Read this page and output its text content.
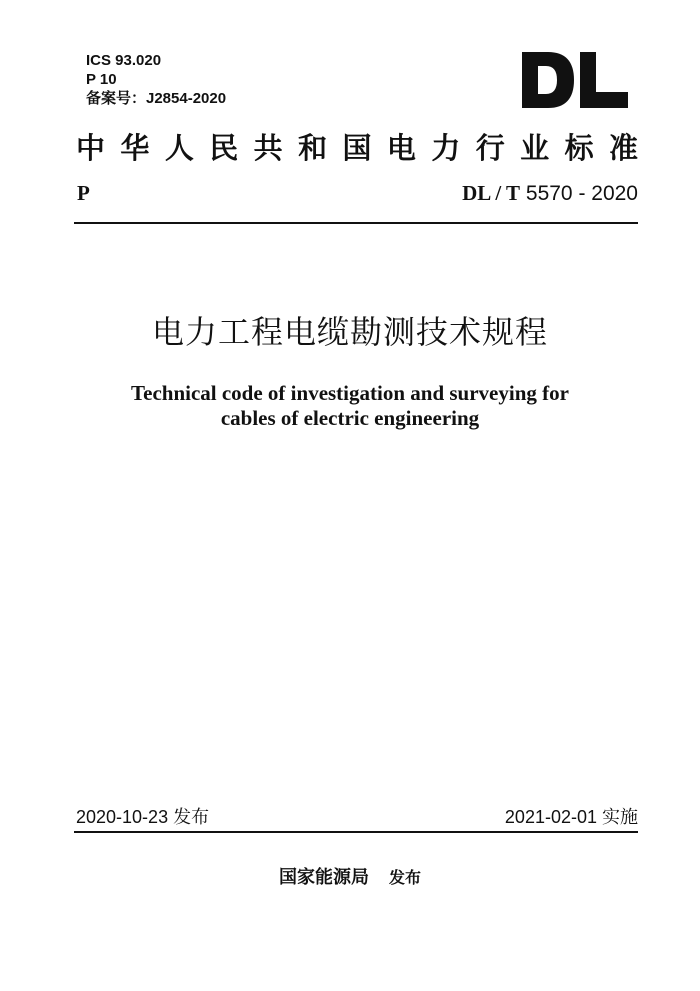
ICS 93.020
P 10
备案号：J2854-2020
中华人民共和国电力行业标准
P	DL / T 5570 - 2020
电力工程电缆勘测技术规程
Technical code of investigation and surveying for
cables of electric engineering
2020-10-23 发布	2021-02-01 实施
国家能源局 发布
